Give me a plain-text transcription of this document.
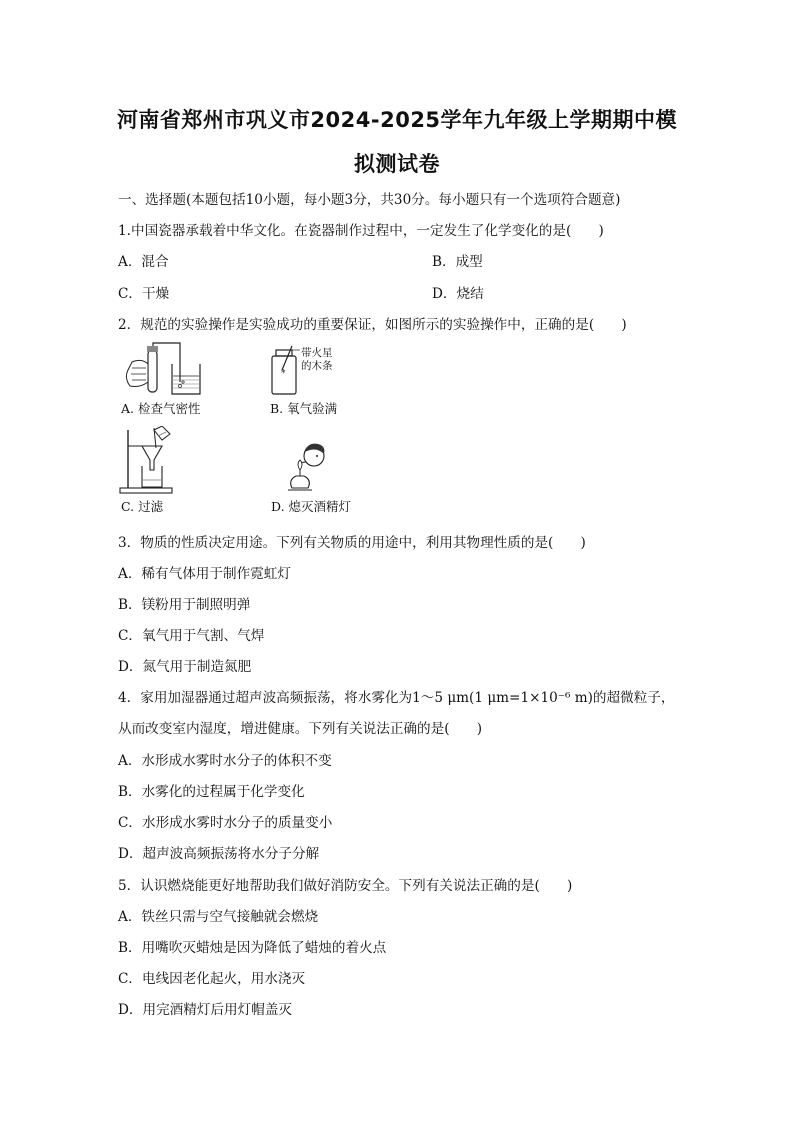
河南省郑州市巩义市2024-2025学年九年级上学期期中模
拟测试卷
一、选择题(本题包括10小题，每小题3分，共30分。每小题只有一个选项符合题意)
1.中国瓷器承载着中华文化。在瓷器制作过程中，一定发生了化学变化的是(　　)
A．混合	B．成型
C．干燥	D．烧结
2．规范的实验操作是实验成功的重要保证，如图所示的实验操作中，正确的是(　　)
A. 检查气密性
*
带火星
的木条
B. 氧气验满
C. 过滤	D. 熄灭酒精灯
3．物质的性质决定用途。下列有关物质的用途中，利用其物理性质的是(　　)
A．稀有气体用于制作霓虹灯
B．镁粉用于制照明弹
C．氧气用于气割、气焊
D．氮气用于制造氮肥
4．家用加湿器通过超声波高频振荡，将水雾化为1～5 μm(1 μm=1×10⁻⁶ m)的超微粒子，
从而改变室内湿度，增进健康。下列有关说法正确的是(　　)
A．水形成水雾时水分子的体积不变
B．水雾化的过程属于化学变化
C．水形成水雾时水分子的质量变小
D．超声波高频振荡将水分子分解
5．认识燃烧能更好地帮助我们做好消防安全。下列有关说法正确的是(　　)
A．铁丝只需与空气接触就会燃烧
B．用嘴吹灭蜡烛是因为降低了蜡烛的着火点
C．电线因老化起火，用水浇灭
D．用完酒精灯后用灯帽盖灭
